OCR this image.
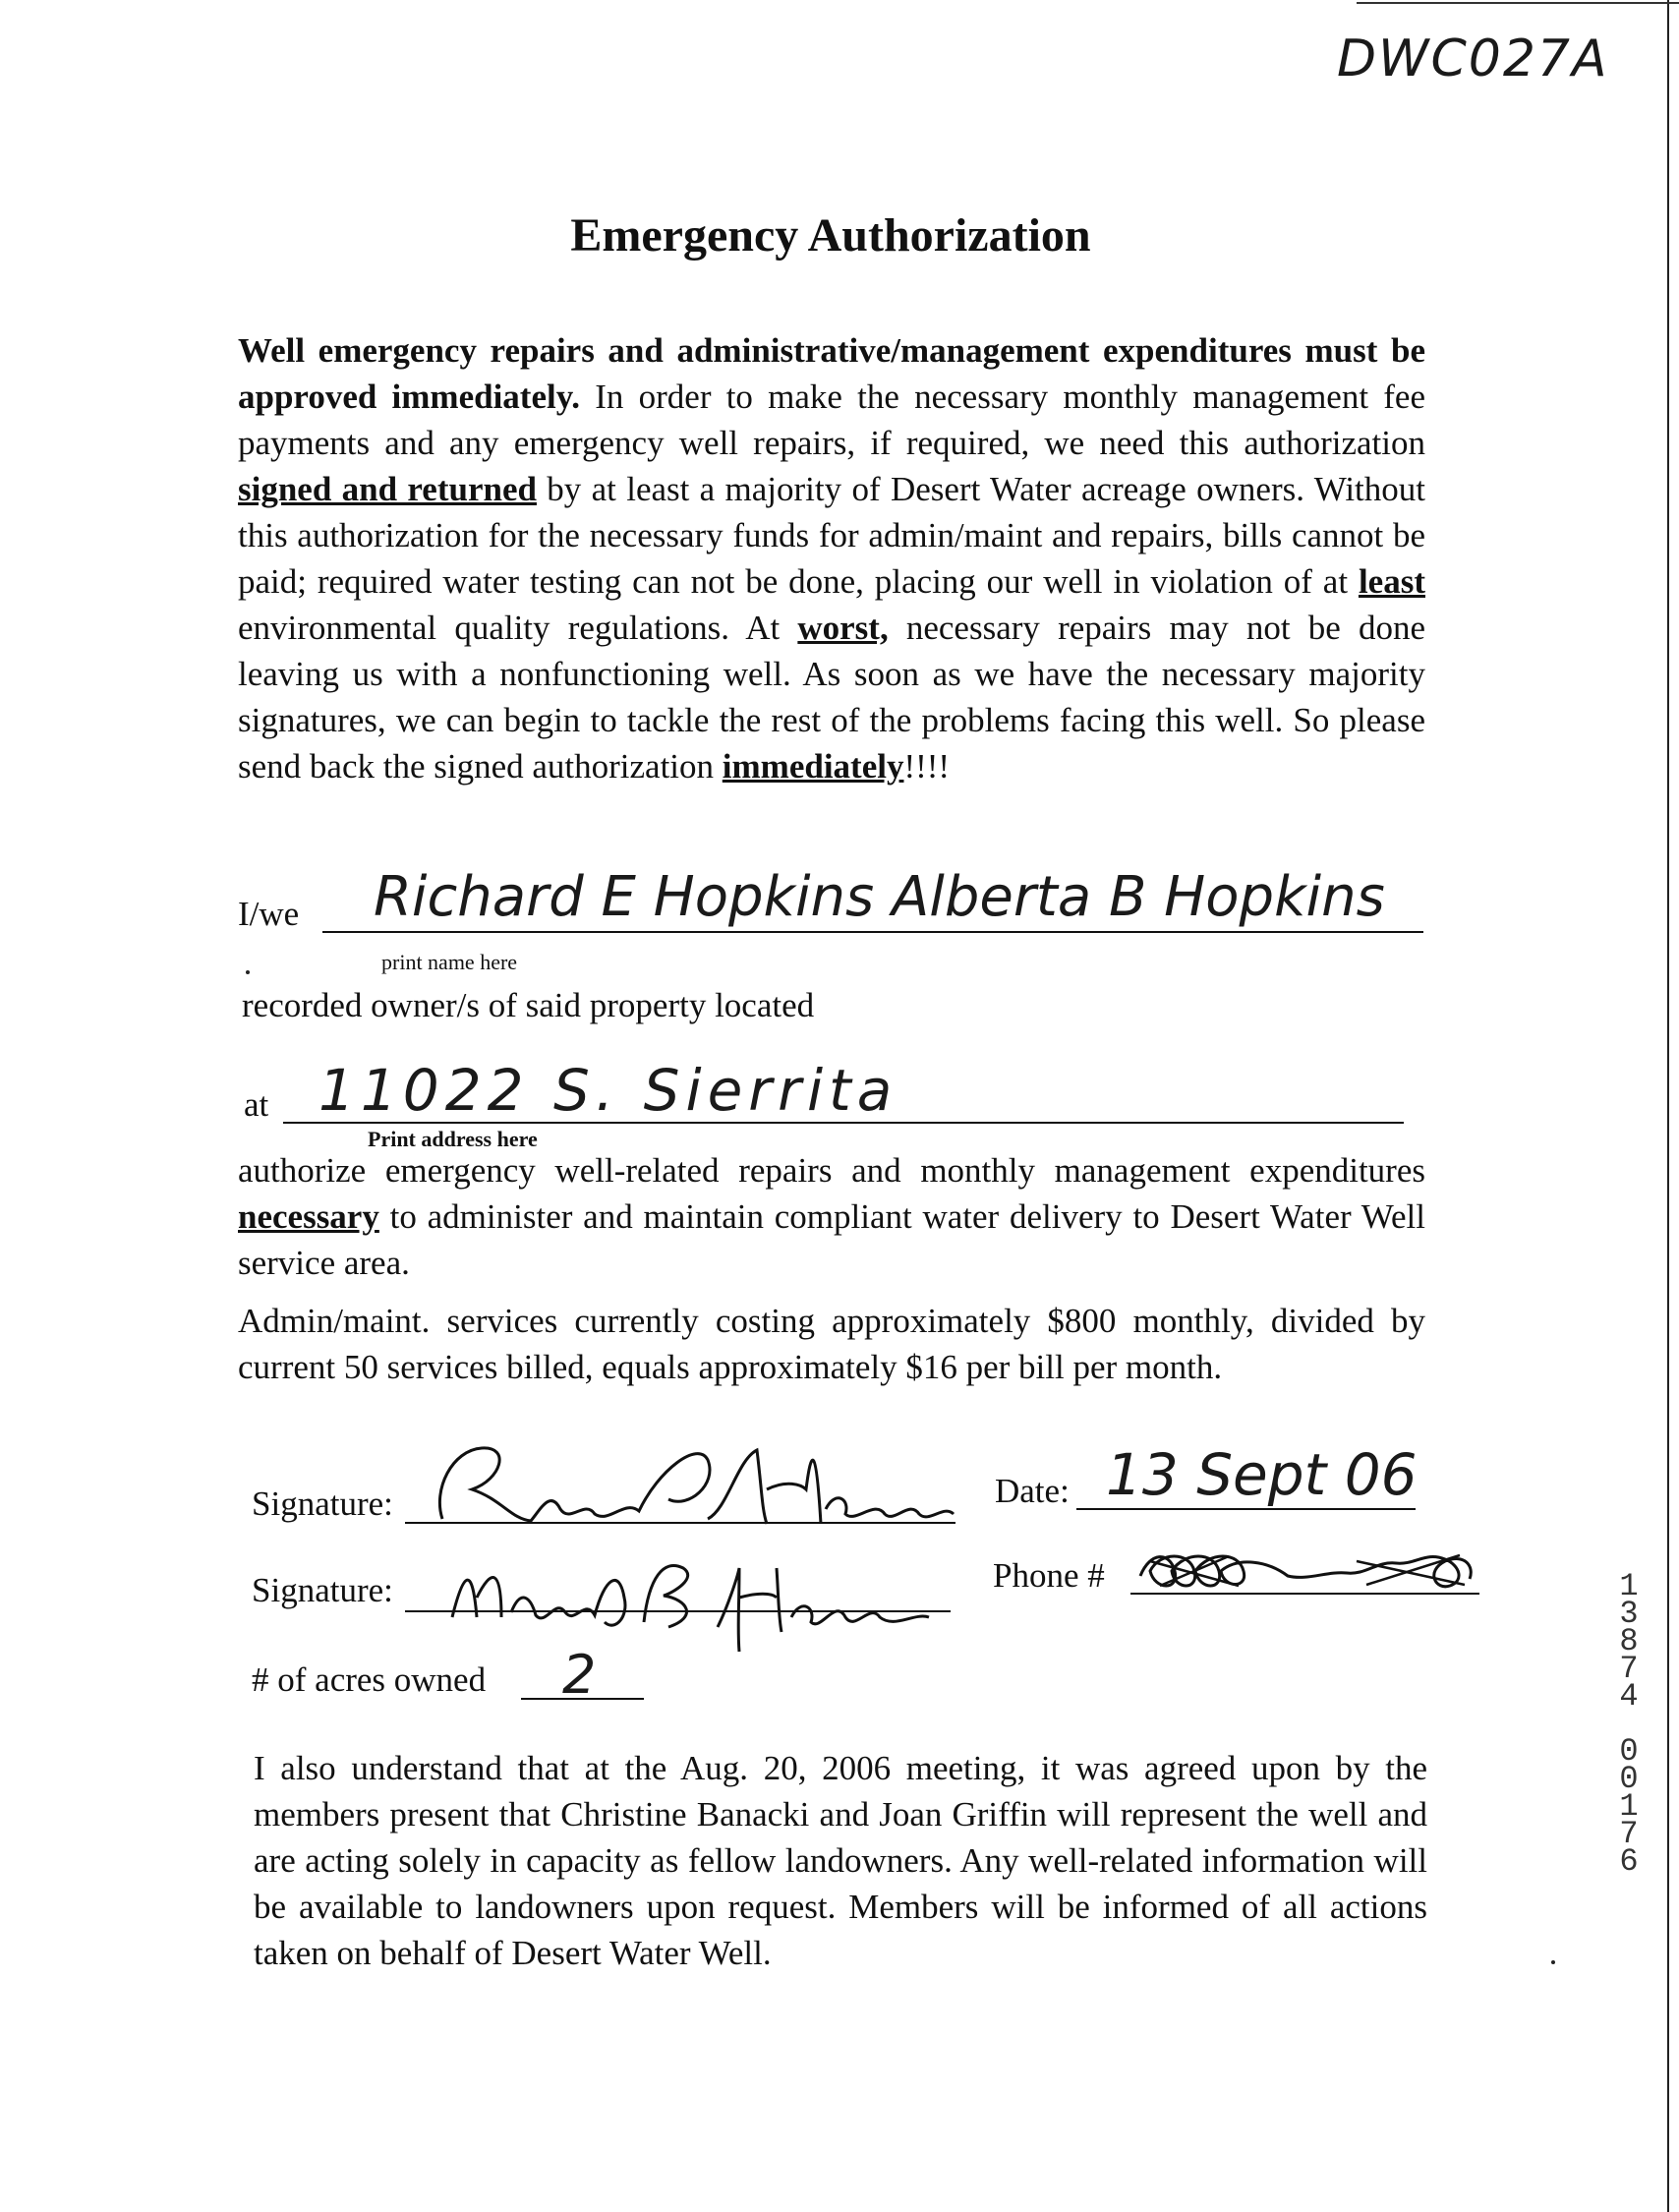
DWC027A
Emergency Authorization
Well emergency repairs and administrative/management expenditures must be approved immediately. In order to make the necessary monthly management fee payments and any emergency well repairs, if required, we need this authorization signed and returned by at least a majority of Desert Water acreage owners. Without this authorization for the necessary funds for admin/maint and repairs, bills cannot be paid; required water testing can not be done, placing our well in violation of at least environmental quality regulations. At worst, necessary repairs may not be done leaving us with a nonfunctioning well. As soon as we have the necessary majority signatures, we can begin to tackle the rest of the problems facing this well. So please send back the signed authorization immediately!!!!
I/we Richard E Hopkins Alberta B Hopkins
print name here
recorded owner/s of said property located
at 11022 S. Sierrita
Print address here
authorize emergency well-related repairs and monthly management expenditures necessary to administer and maintain compliant water delivery to Desert Water Well service area.
Admin/maint. services currently costing approximately $800 monthly, divided by current 50 services billed, equals approximately $16 per bill per month.
Signature:	Date: 13 Sept 06
Signature:	Phone #
# of acres owned 2
I also understand that at the Aug. 20, 2006 meeting, it was agreed upon by the members present that Christine Banacki and Joan Griffin will represent the well and are acting solely in capacity as fellow landowners. Any well-related information will be available to landowners upon request. Members will be informed of all actions taken on behalf of Desert Water Well.
1
3
8
7
4
0
0
1
7
6
